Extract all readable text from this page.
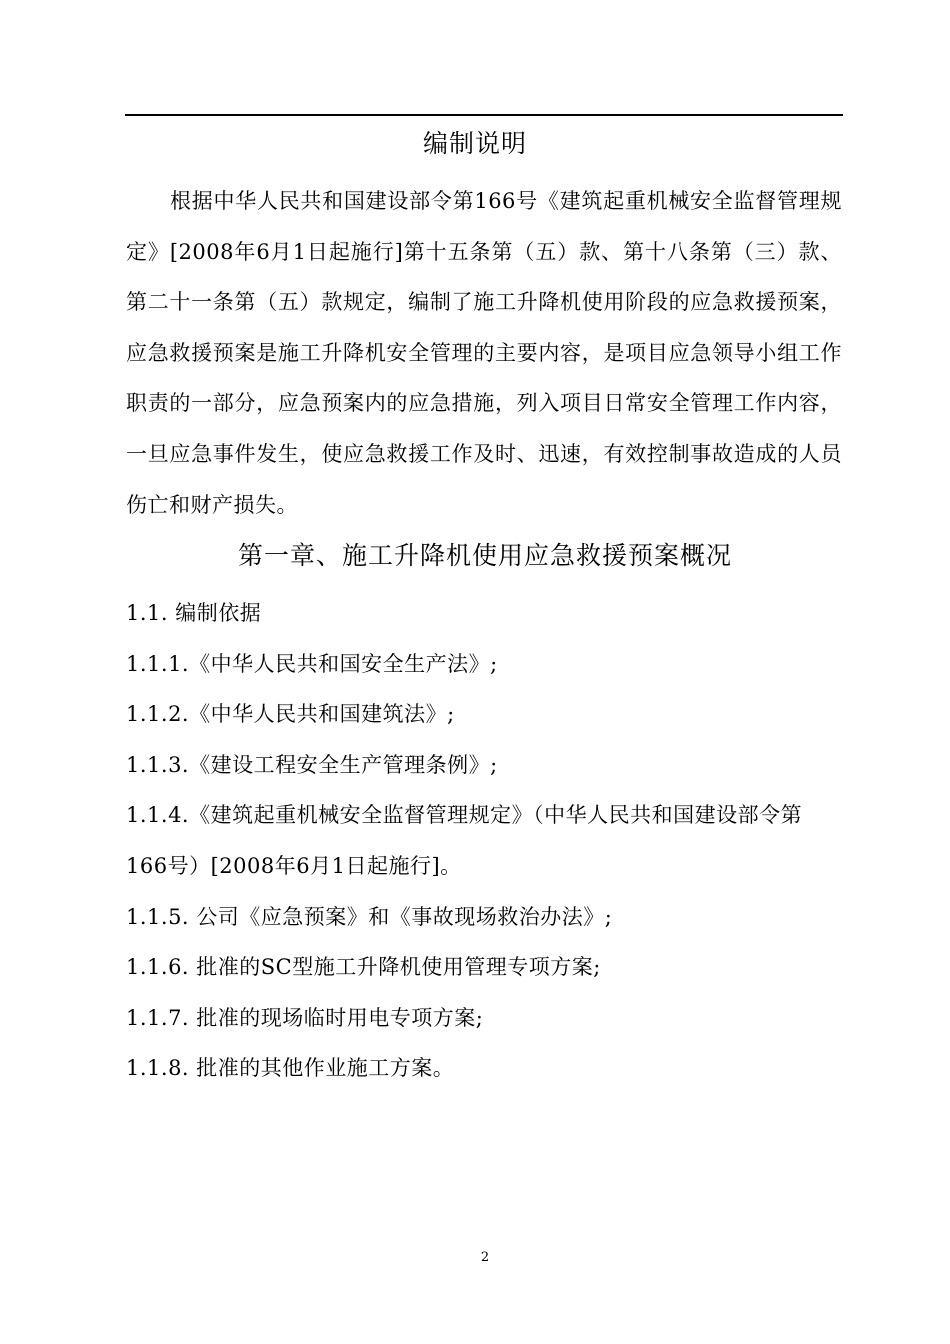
编制说明

根据中华人民共和国建设部令第166号《建筑起重机械安全监督管理规定》[2008年6月1日起施行]第十五条第（五）款、第十八条第（三）款、第二十一条第（五）款规定，编制了施工升降机使用阶段的应急救援预案，应急救援预案是施工升降机安全管理的主要内容，是项目应急领导小组工作职责的一部分，应急预案内的应急措施，列入项目日常安全管理工作内容，一旦应急事件发生，使应急救援工作及时、迅速，有效控制事故造成的人员伤亡和财产损失。

第一章、施工升降机使用应急救援预案概况
1.1. 编制依据
1.1.1.《中华人民共和国安全生产法》;
1.1.2.《中华人民共和国建筑法》;
1.1.3.《建设工程安全生产管理条例》;
1.1.4.《建筑起重机械安全监督管理规定》（中华人民共和国建设部令第166号）[2008年6月1日起施行]。
1.1.5. 公司《应急预案》和《事故现场救治办法》;
1.1.6. 批准的SC型施工升降机使用管理专项方案;
1.1.7. 批准的现场临时用电专项方案;
1.1.8. 批准的其他作业施工方案。
2
